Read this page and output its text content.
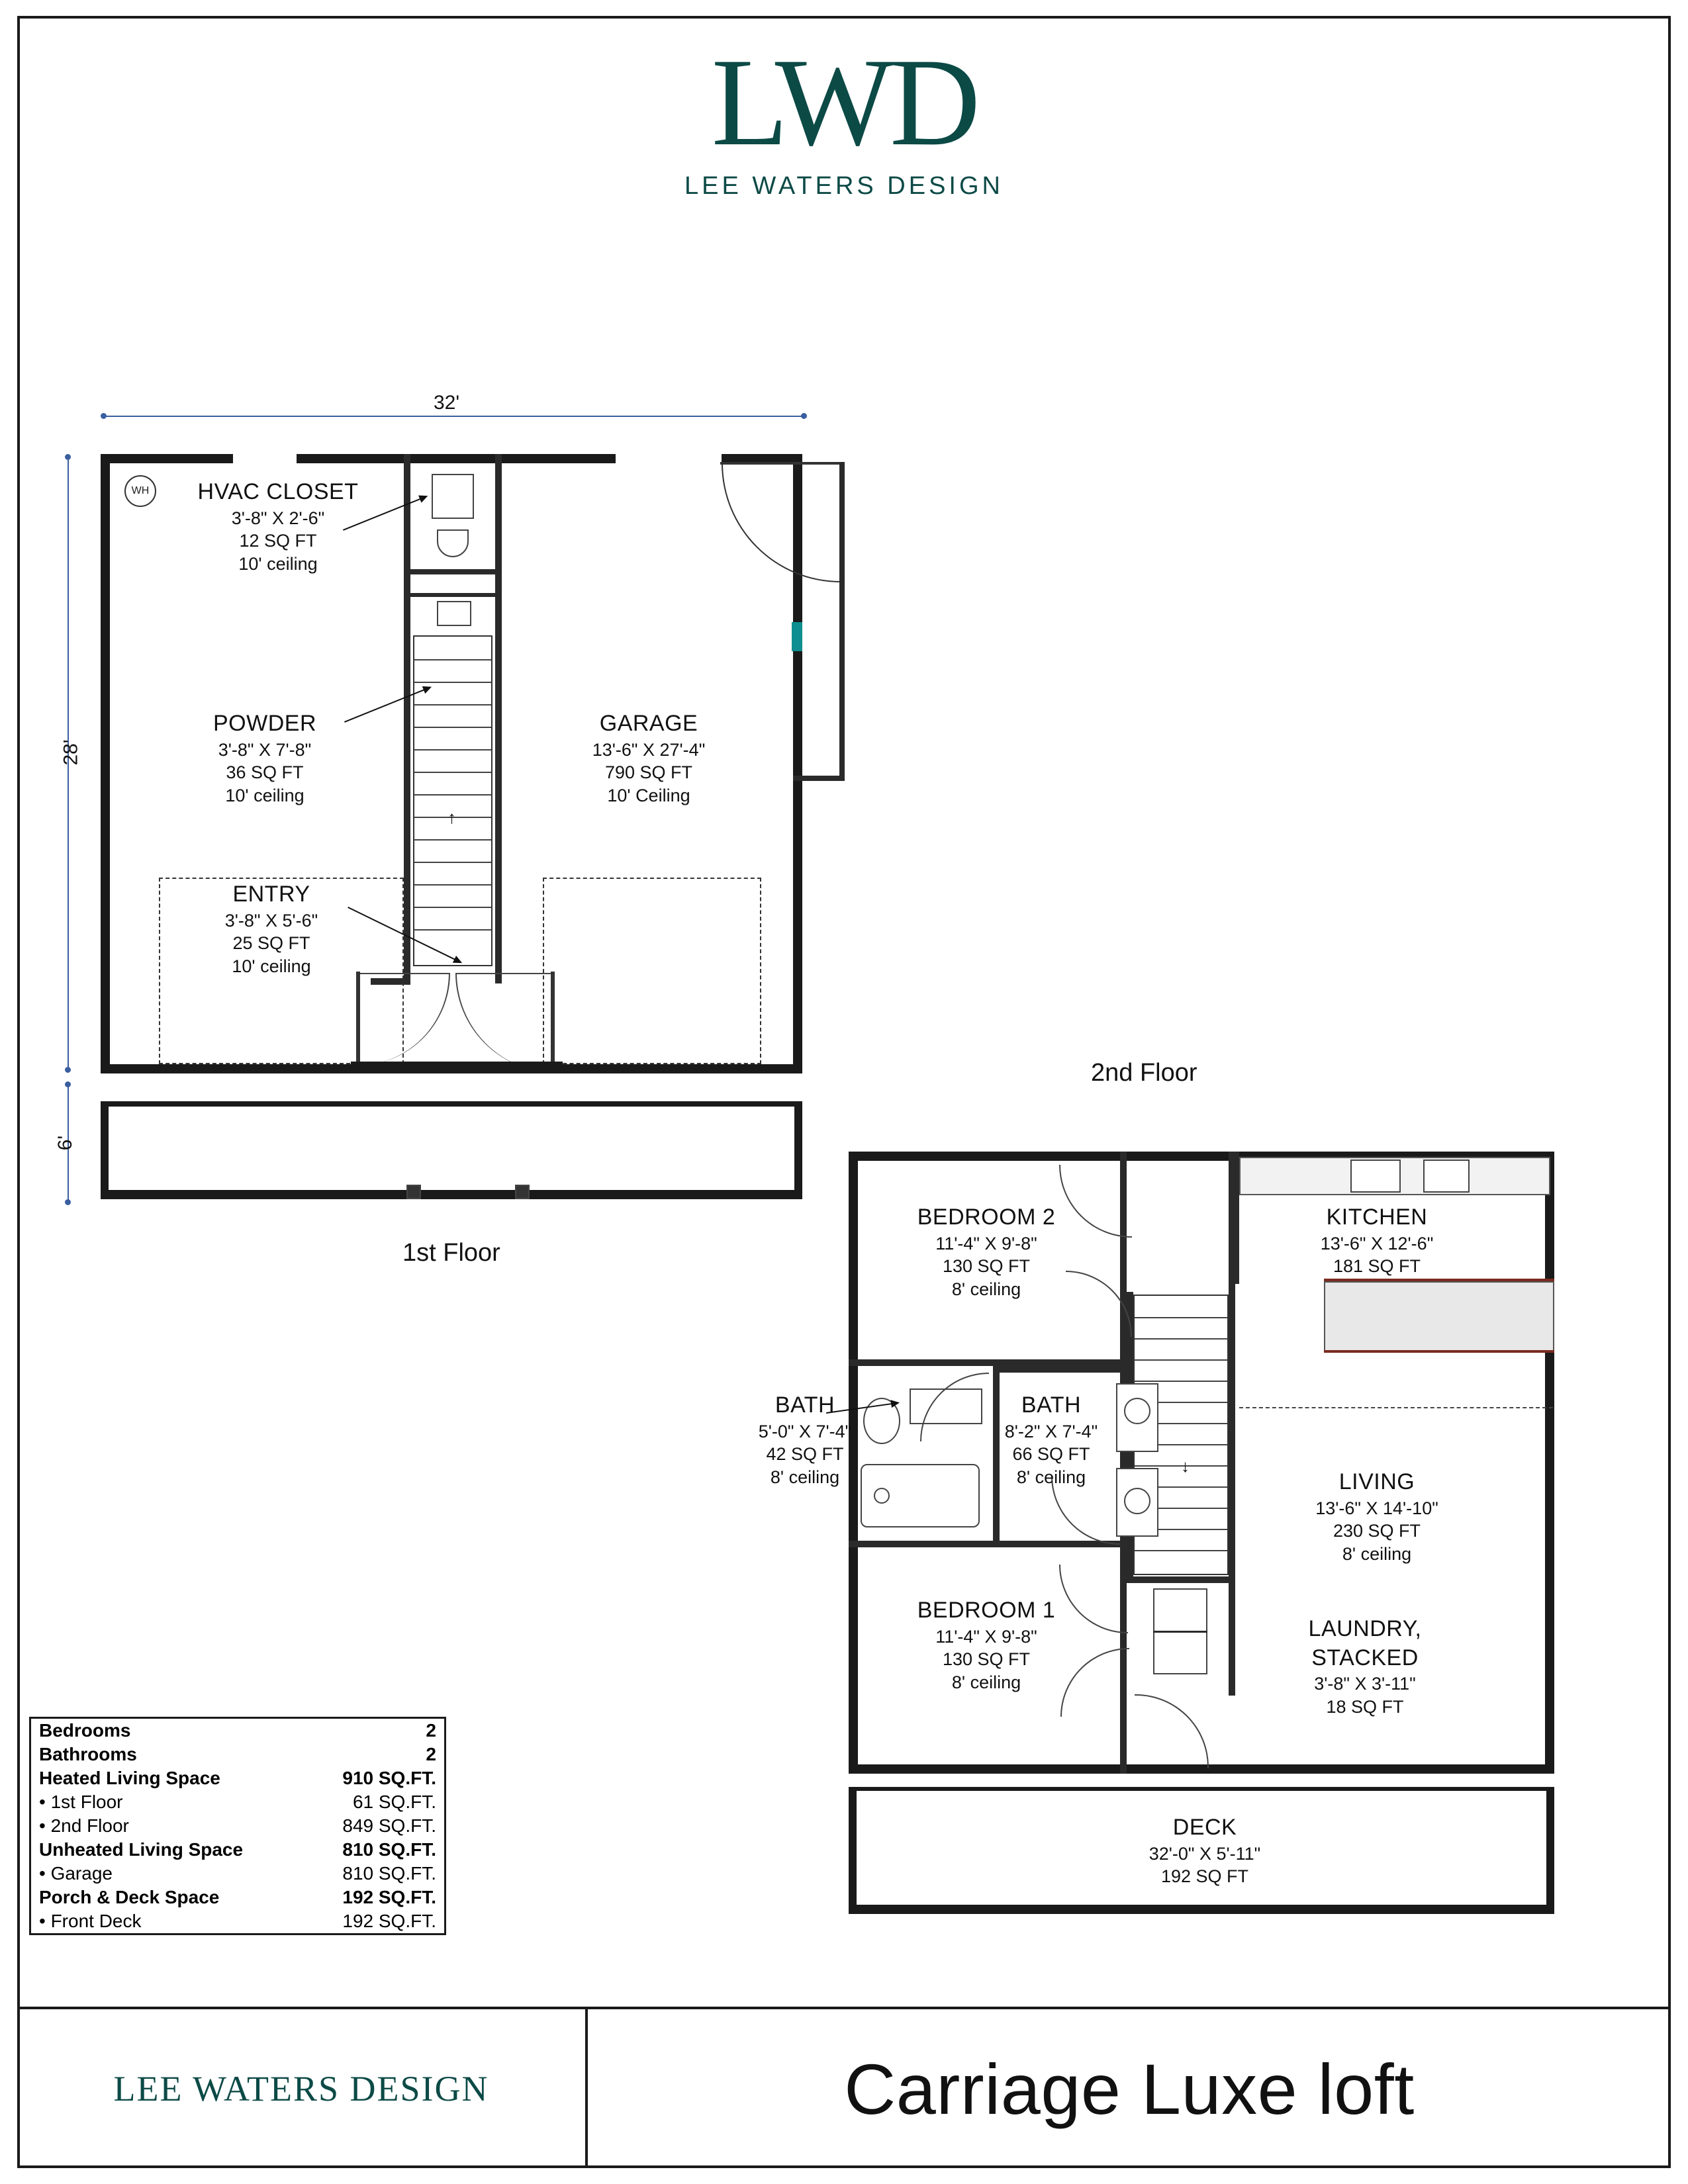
LWD
LEE WATERS DESIGN
32'
28'
6'
↑
WH	HVAC CLOSET
3'-8" X 2'-6"
12 SQ FT
10' ceiling
POWDER
3'-8" X 7'-8"
36 SQ FT
10' ceiling
GARAGE
13'-6" X 27'-4"
790 SQ FT
10' Ceiling
ENTRY
3'-8" X 5'-6"
25 SQ FT
10' ceiling
1st Floor
2nd Floor
↓
BEDROOM 2
11'-4" X 9'-8"
130 SQ FT
8' ceiling
KITCHEN
13'-6" X 12'-6"
181 SQ FT
BATH
5'-0" X 7'-4"
42 SQ FT
8' ceiling
BATH
8'-2" X 7'-4"
66 SQ FT
8' ceiling	LIVING
13'-6" X 14'-10"
230 SQ FT
8' ceiling
BEDROOM 1
11'-4" X 9'-8"
130 SQ FT
8' ceiling
LAUNDRY, STACKED
3'-8" X 3'-11"
18 SQ FT
DECK
32'-0" X 5'-11"
192 SQ FT
Bedrooms	2
Bathrooms	2
Heated Living Space	910 SQ.FT.
• 1st Floor	61 SQ.FT.
• 2nd Floor	849 SQ.FT.
Unheated Living Space	810 SQ.FT.
• Garage	810 SQ.FT.
Porch & Deck Space	192 SQ.FT.
• Front Deck	192 SQ.FT.
LEE WATERS DESIGN	Carriage Luxe loft
